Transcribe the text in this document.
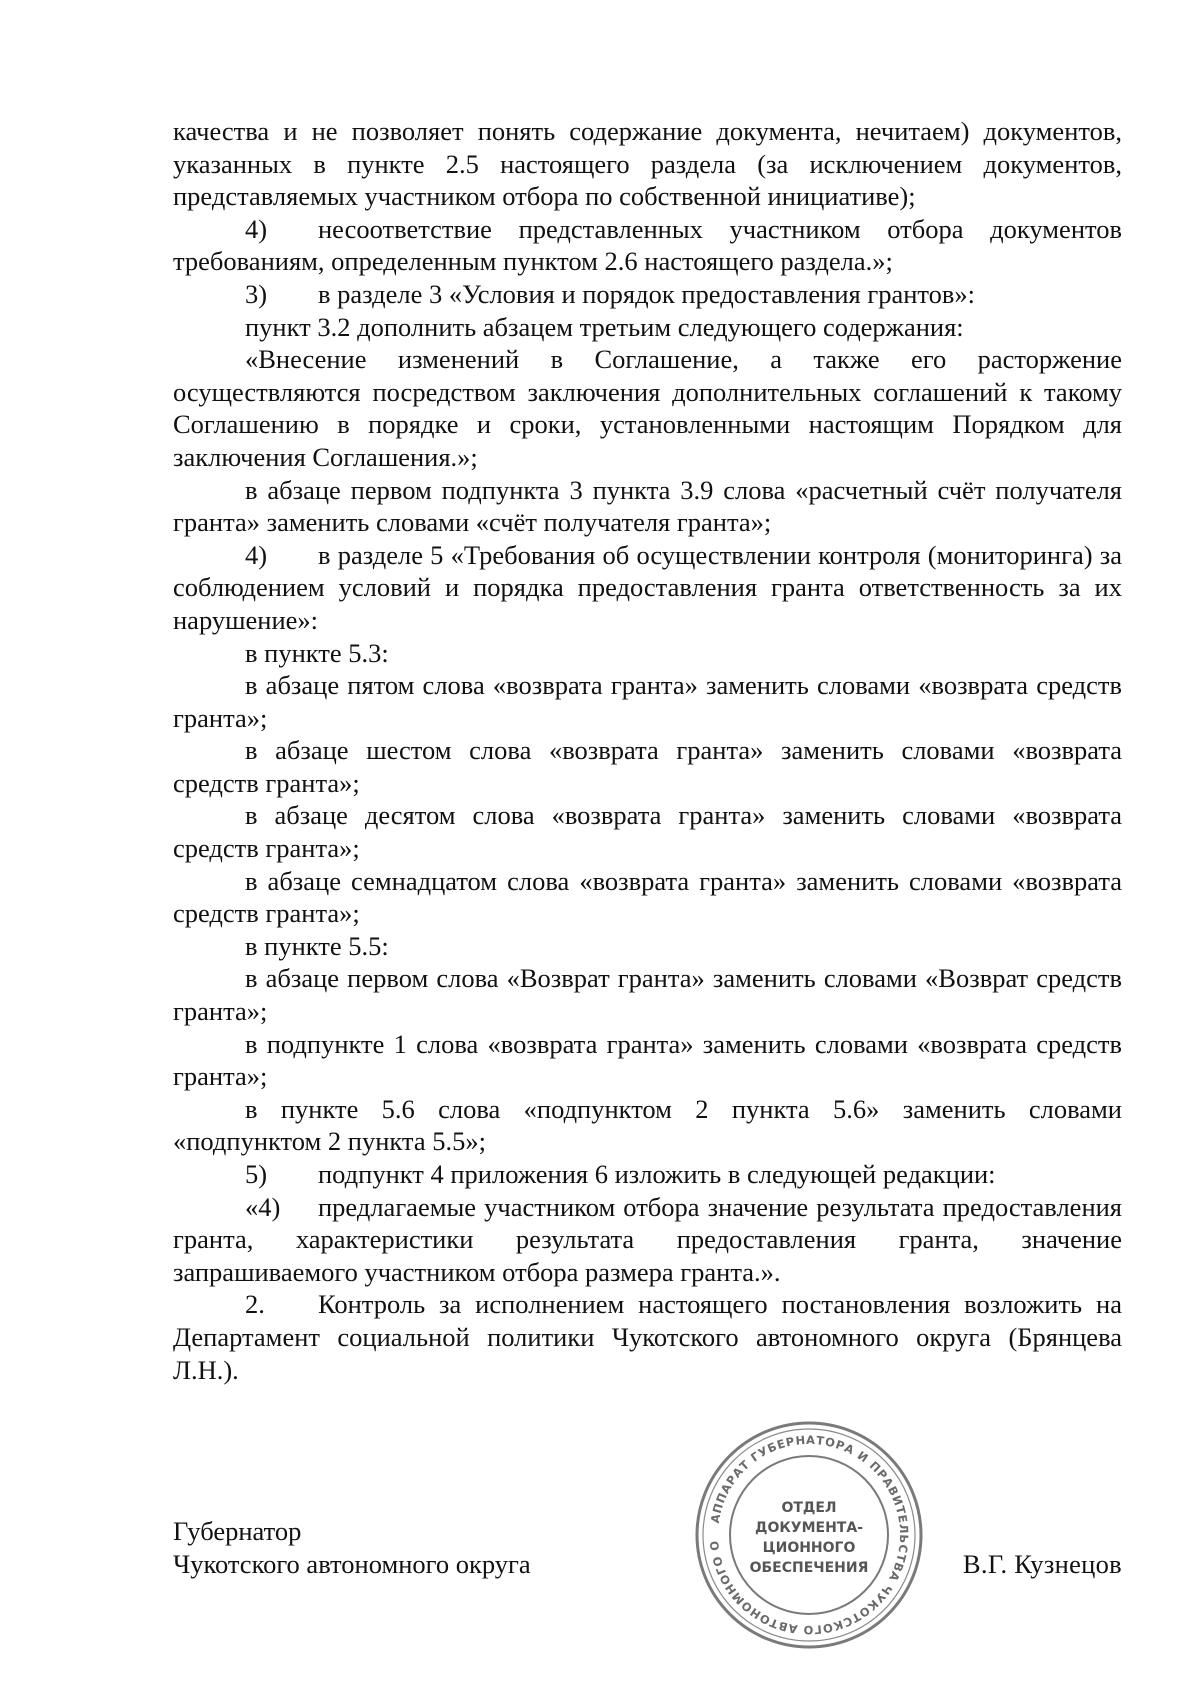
качества и не позволяет понять содержание документа, нечитаем) документов, указанных в пункте 2.5 настоящего раздела (за исключением документов, представляемых участником отбора по собственной инициативе);

4) несоответствие представленных участником отбора документов требованиям, определенным пунктом 2.6 настоящего раздела.»;

3) в разделе 3 «Условия и порядок предоставления грантов»:

пункт 3.2 дополнить абзацем третьим следующего содержания:

«Внесение изменений в Соглашение, а также его расторжение осуществляются посредством заключения дополнительных соглашений к такому Соглашению в порядке и сроки, установленными настоящим Порядком для заключения Соглашения.»;

в абзаце первом подпункта 3 пункта 3.9 слова «расчетный счёт получателя гранта» заменить словами «счёт получателя гранта»;

4) в разделе 5 «Требования об осуществлении контроля (мониторинга) за соблюдением условий и порядка предоставления гранта ответственность за их нарушение»:

в пункте 5.3:

в абзаце пятом слова «возврата гранта» заменить словами «возврата средств гранта»;

в абзаце шестом слова «возврата гранта» заменить словами «возврата средств гранта»;

в абзаце десятом слова «возврата гранта» заменить словами «возврата средств гранта»;

в абзаце семнадцатом слова «возврата гранта» заменить словами «возврата средств гранта»;

в пункте 5.5:

в абзаце первом слова «Возврат гранта» заменить словами «Возврат средств гранта»;

в подпункте 1 слова «возврата гранта» заменить словами «возврата средств гранта»;

в пункте 5.6 слова «подпунктом 2 пункта 5.6» заменить словами «подпунктом 2 пункта 5.5»;

5) подпункт 4 приложения 6 изложить в следующей редакции:

«4) предлагаемые участником отбора значение результата предоставления гранта, характеристики результата предоставления гранта, значение запрашиваемого участником отбора размера гранта.».

2. Контроль за исполнением настоящего постановления возложить на Департамент социальной политики Чукотского автономного округа (Брянцева Л.Н.).

Губернатор
Чукотского автономного округа
АППАРАТ ГУБЕРНАТОРА И ПРАВИТЕЛЬСТВА ЧУКОТСКОГО АВТОНОМНОГО О
ОТДЕЛ
ДОКУМЕНТА-
ЦИОННОГО
ОБЕСПЕЧЕНИЯ	В.Г. Кузнецов
